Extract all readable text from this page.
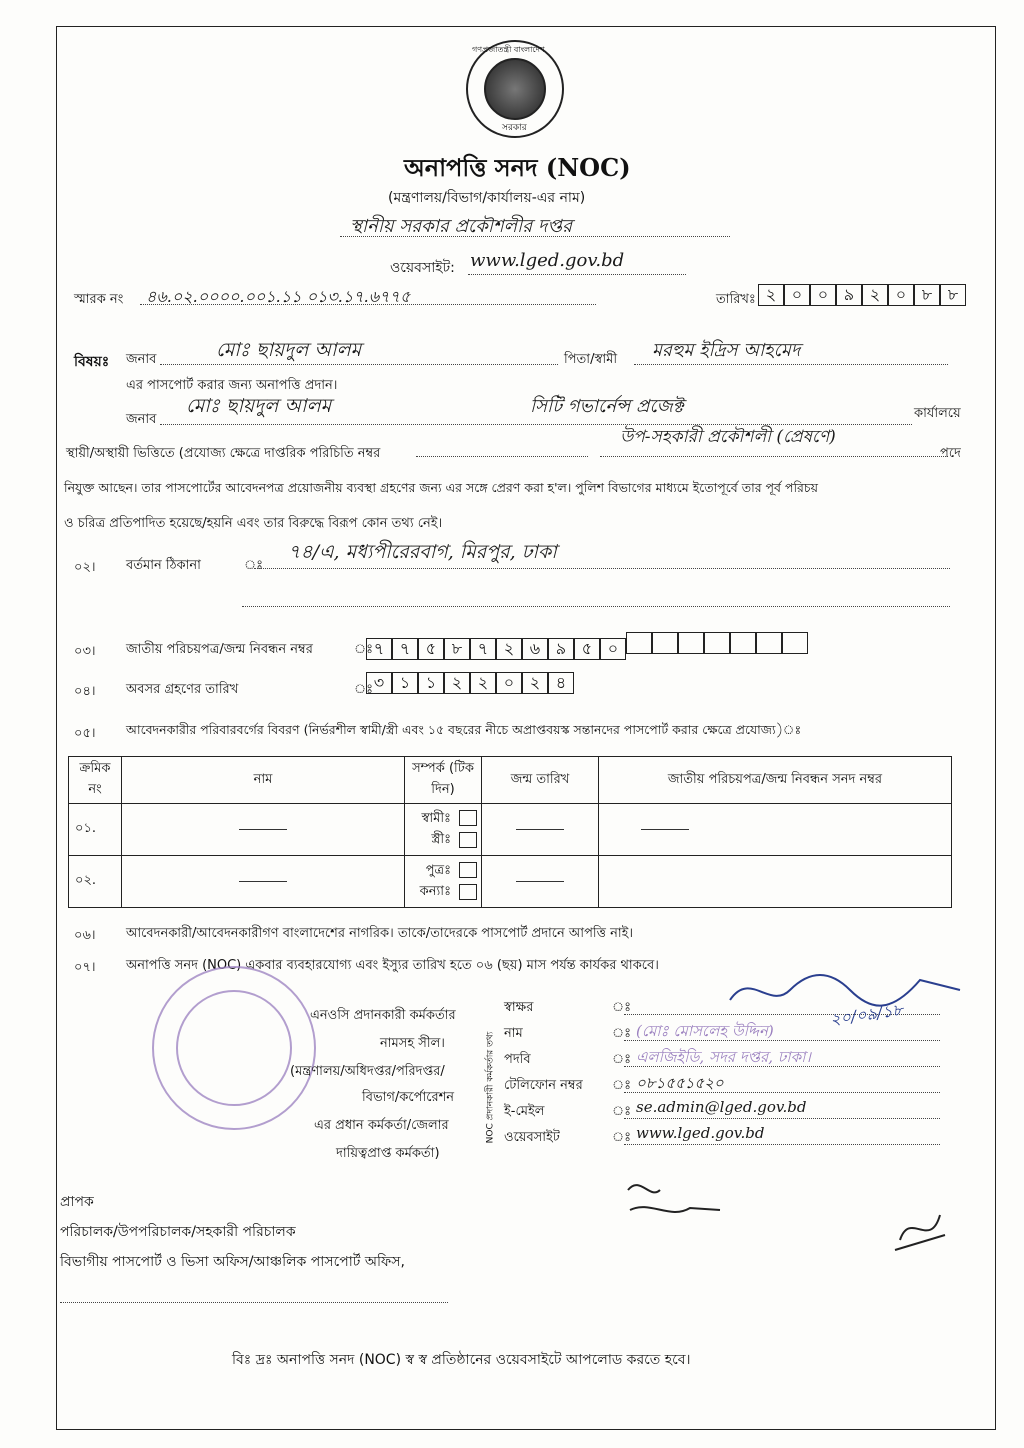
গণপ্রজাতন্ত্রী বাংলাদেশ
সরকার
অনাপত্তি সনদ (NOC)
(মন্ত্রণালয়/বিভাগ/কার্যালয়-এর নাম)
স্থানীয় সরকার প্রকৌশলীর দপ্তর
ওয়েবসাইট: www.lged.gov.bd
স্মারক নং ৪৬.০২.০০০০.০০১.১১ ০১৩.১৭.৬৭৭৫	তারিখঃ ২ ০ ০ ৯ ২ ০ ৮ ৮
বিষয়ঃ জনাব	মোঃ ছায়দুল আলম	পিতা/স্বামী মরহুম ইদ্রিস আহমেদ
এর পাসপোর্ট করার জন্য অনাপত্তি প্রদান।
জনাব
মোঃ ছায়দুল আলম	সিটি গভার্নেন্স প্রজেক্ট	কার্যালয়ে
স্থায়ী/অস্থায়ী ভিত্তিতে (প্রযোজ্য ক্ষেত্রে দাপ্তরিক পরিচিতি নম্বর
উপ-সহকারী প্রকৌশলী (প্রেষণে)
পদে
নিযুক্ত আছেন। তার পাসপোর্টের আবেদনপত্র প্রয়োজনীয় ব্যবস্থা গ্রহণের জন্য এর সঙ্গে প্রেরণ করা হ'ল। পুলিশ বিভাগের মাধ্যমে ইতোপূর্বে তার পূর্ব পরিচয়
ও চরিত্র প্রতিপাদিত হয়েছে/হয়নি এবং তার বিরুদ্ধে বিরূপ কোন তথ্য নেই।
০২। বর্তমান ঠিকানা	ঃ
৭৪/এ, মধ্যপীরেরবাগ, মিরপুর, ঢাকা
০৩। জাতীয় পরিচয়পত্র/জন্ম নিবন্ধন নম্বর	ঃ ৭ ৭ ৫ ৮ ৭ ২ ৬ ৯ ৫ ০
০৪। অবসর গ্রহণের তারিখ	ঃ ৩ ১ ১ ২ ২ ০ ২ ৪
০৫। আবেদনকারীর পরিবারবর্গের বিবরণ (নির্ভরশীল স্বামী/স্ত্রী এবং ১৫ বছরের নীচে অপ্রাপ্তবয়স্ক সন্তানদের পাসপোর্ট করার ক্ষেত্রে প্রযোজ্য)ঃ
ক্রমিক নং	নাম	সম্পর্ক (টিক দিন)	জন্ম তারিখ	জাতীয় পরিচয়পত্র/জন্ম নিবন্ধন সনদ নম্বর
০১.		স্বামীঃ
স্ত্রীঃ		

০২.		পুত্রঃ
কন্যাঃ		

০৬। আবেদনকারী/আবেদনকারীগণ বাংলাদেশের নাগরিক। তাকে/তাদেরকে পাসপোর্ট প্রদানে আপত্তি নাই।
০৭। অনাপত্তি সনদ (NOC) একবার ব্যবহারযোগ্য এবং ইস্যুর তারিখ হতে ০৬ (ছয়) মাস পর্যন্ত কার্যকর থাকবে।
এনওসি প্রদানকারী কর্মকর্তার
নামসহ সীল।
(মন্ত্রণালয়/অধিদপ্তর/পরিদপ্তর/
বিভাগ/কর্পোরেশন
এর প্রধান কর্মকর্তা/জেলার
দায়িত্বপ্রাপ্ত কর্মকর্তা)
NOC প্রদানকারী কর্মকর্তার তথ্য
স্বাক্ষর	ঃ
নাম	ঃ (মোঃ মোসলেহ উদ্দিন)
পদবি	ঃ এলজিইডি, সদর দপ্তর, ঢাকা।
টেলিফোন নম্বর ঃ ০৮১৫৫১৫২০
ই-মেইল	ঃ se.admin@lged.gov.bd
ওয়েবসাইট	ঃ www.lged.gov.bd
২০/০৯/১৮
প্রাপক
পরিচালক/উপপরিচালক/সহকারী পরিচালক
বিভাগীয় পাসপোর্ট ও ভিসা অফিস/আঞ্চলিক পাসপোর্ট অফিস,
বিঃ দ্রঃ অনাপত্তি সনদ (NOC) স্ব স্ব প্রতিষ্ঠানের ওয়েবসাইটে আপলোড করতে হবে।
